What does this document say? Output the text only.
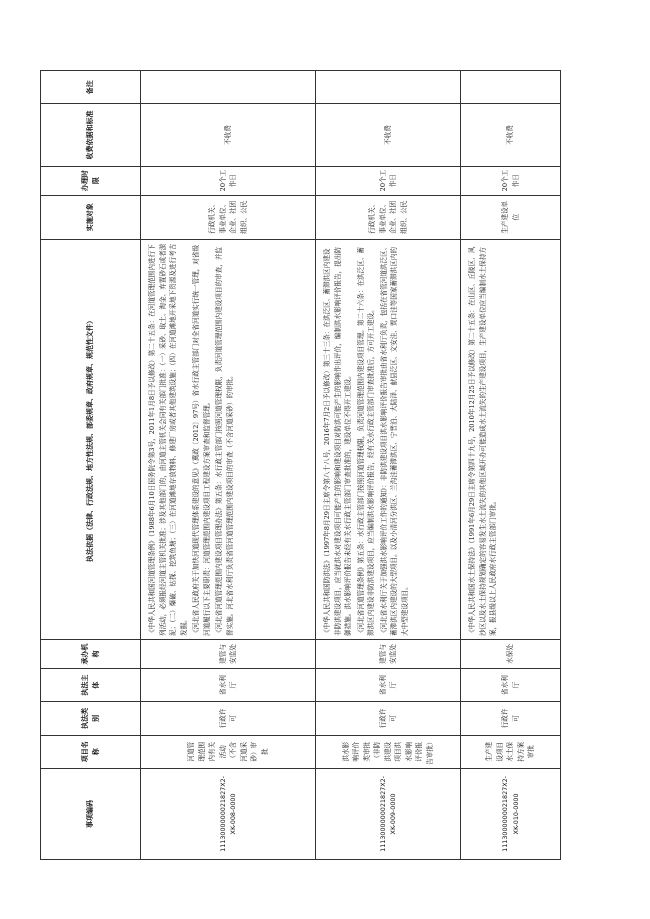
事项编码	项目名称	执法类别	执法主体	承办机构	执法依据（法律、行政法规、地方性法规、部委规章、政府规章、规范性文件）	实施对象	办理时限	收费依据和标准	备注
1113000000021827X2-XK-008-0000	河道管理范围内有关活动（不含河道采砂）审批	行政许可	省水利厅	建管与安监处	《中华人民共和国河道管理条例》（1988年6月10日国务院令第3号，2011年1月8日予以修改）第二十五条：在河道管理范围内进行下列活动，必须报经河道主管机关批准；涉及其他部门的，由河道主管机关会同有关部门批准：（一）采砂、取土、淘金、弃置砂石或者淤泥；（二）爆破、钻探、挖筑鱼塘；（三）在河道滩地存放物料、修建厂房或者其他建筑设施；（四）在河道滩地开采地下资源及进行考古发掘。 《河北省人民政府关于加快河道现代管理体系建设的意见》（冀政〔2012〕97号）省水行政主管部门对全省河道实行统一管理，对省级河道履行以下主要职责：河道管理范围内建设项目工程建设方案审查和监督管理。 《河北省河道管理范围内建设项目管理办法》第五条：水行政主管部门按照河道管理权限，负责河道管理范围内建设项目的审查，并监督实施。河北省水利厅负责省管河道管理范围内建设项目的审查（不含河道采砂）的审批。	行政机关、事业单位、企业、社团组织、公民	20个工作日	不收费	
1113000000021827X2-XK-009-0000	洪水影响评价类审批（非防洪建设项目洪水影响评价报告审批）	行政许可	省水利厅	建管与安监处	《中华人民共和国防洪法》（1997年8月29日主席令第八十八号，2016年7月2日予以修改）第三十三条：在洪泛区、蓄滞洪区内建设非防洪建设项目，应当就洪水对建设项目可能产生的影响和建设项目对防洪可能产生的影响作出评价，编制洪水影响评价报告，提出防御措施。洪水影响评价报告未经有关水行政主管部门审查批准的，建设单位不得开工建设。 《河北省河道管理条例》第五条：水行政主管部门按照河道管理权限，负责河道管理范围内建设项目管理。第二十六条：在洪泛区、蓄滞洪区内建设非防洪建设项目，应当编制洪水影响评价报告，经有关水行政主管部门审查批准后，方可开工建设。 《河北省水利厅关于加强洪水影响评价工作的通知》：非防洪建设项目洪水影响评价报告审批由省水利厅负责，包括在省管河道洪泛区、蓄滞洪区内建设的大型项目。以及小清河分洪区、兰沟洼蓄滞洪区、宁晋泊、大陆泽、献县泛区、文安洼、贾口洼等国家蓄滞洪区内的大中型建设项目。	行政机关、事业单位、企业、社团组织、公民	20个工作日	不收费	
1113000000021827X2-XK-010-0000	生产建设项目水土保持方案审批	行政许可	省水利厅	水保处	《中华人民共和国水土保持法》（1991年6月29日主席令第四十九号，2010年12月25日予以修改）第二十五条：在山区、丘陵区、风沙区以及水土保持规划确定的容易发生水土流失的其他区域开办可能造成水土流失的生产建设项目，生产建设单位应当编制水土保持方案，报县级以上人民政府水行政主管部门审批。	生产建设单位	20个工作日	不收费	
